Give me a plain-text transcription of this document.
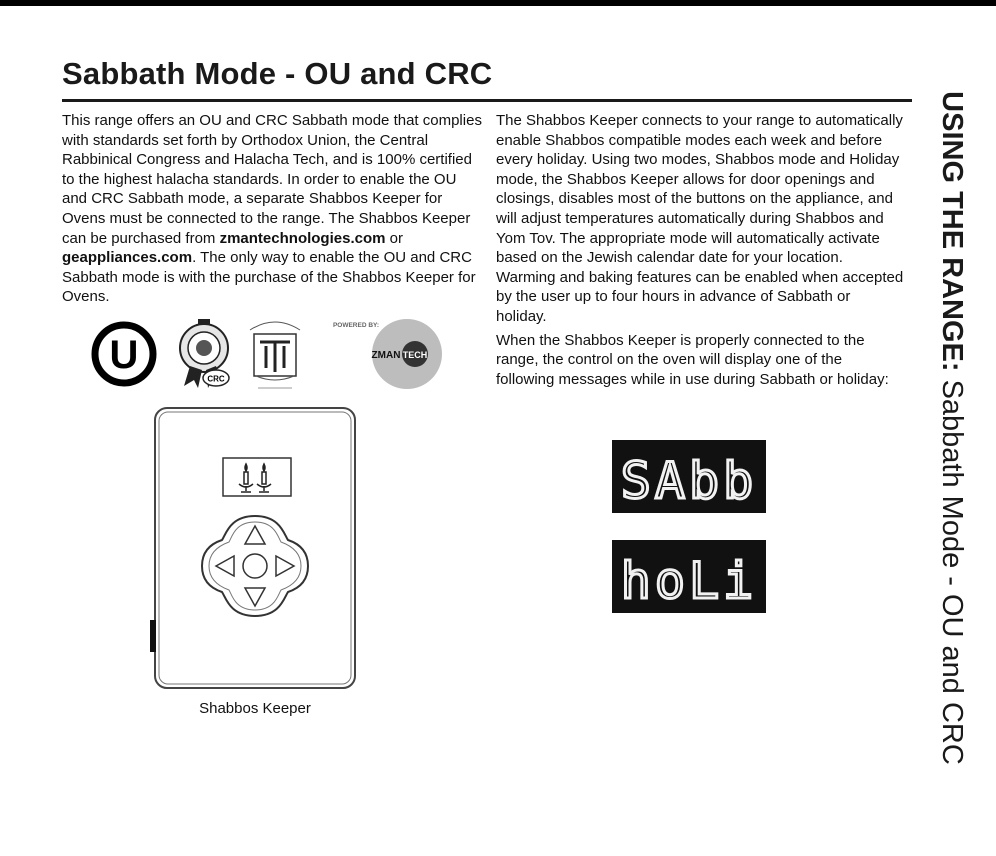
Sabbath Mode - OU and CRC

This range offers an OU and CRC Sabbath mode that complies with standards set forth by Orthodox Union, the Central Rabbinical Congress and Halacha Tech, and is 100% certified to the highest halacha standards. In order to enable the OU and CRC Sabbath mode, a separate Shabbos Keeper for Ovens must be connected to the range. The Shabbos Keeper can be purchased from zmantechnologies.com or geappliances.com. The only way to enable the OU and CRC Sabbath mode is with the purchase of the Shabbos Keeper for Ovens.

The Shabbos Keeper connects to your range to automatically enable Shabbos compatible modes each week and before every holiday. Using two modes, Shabbos mode and Holiday mode, the Shabbos Keeper allows for door openings and closings, disables most of the buttons on the appliance, and will adjust temperatures automatically during Shabbos and Yom Tov. The appropriate mode will automatically activate based on the Jewish calendar date for your location. Warming and baking features can be enabled when accepted by the user up to four hours in advance of Sabbath or holiday.

When the Shabbos Keeper is properly connected to the range, the control on the oven will display one of the following messages while in use during Sabbath or holiday:

USING THE RANGE: Sabbath Mode - OU and CRC
U
CRC
POWERED BY:
ZMAN TECH
Shabbos Keeper
SAbb
hoLi
